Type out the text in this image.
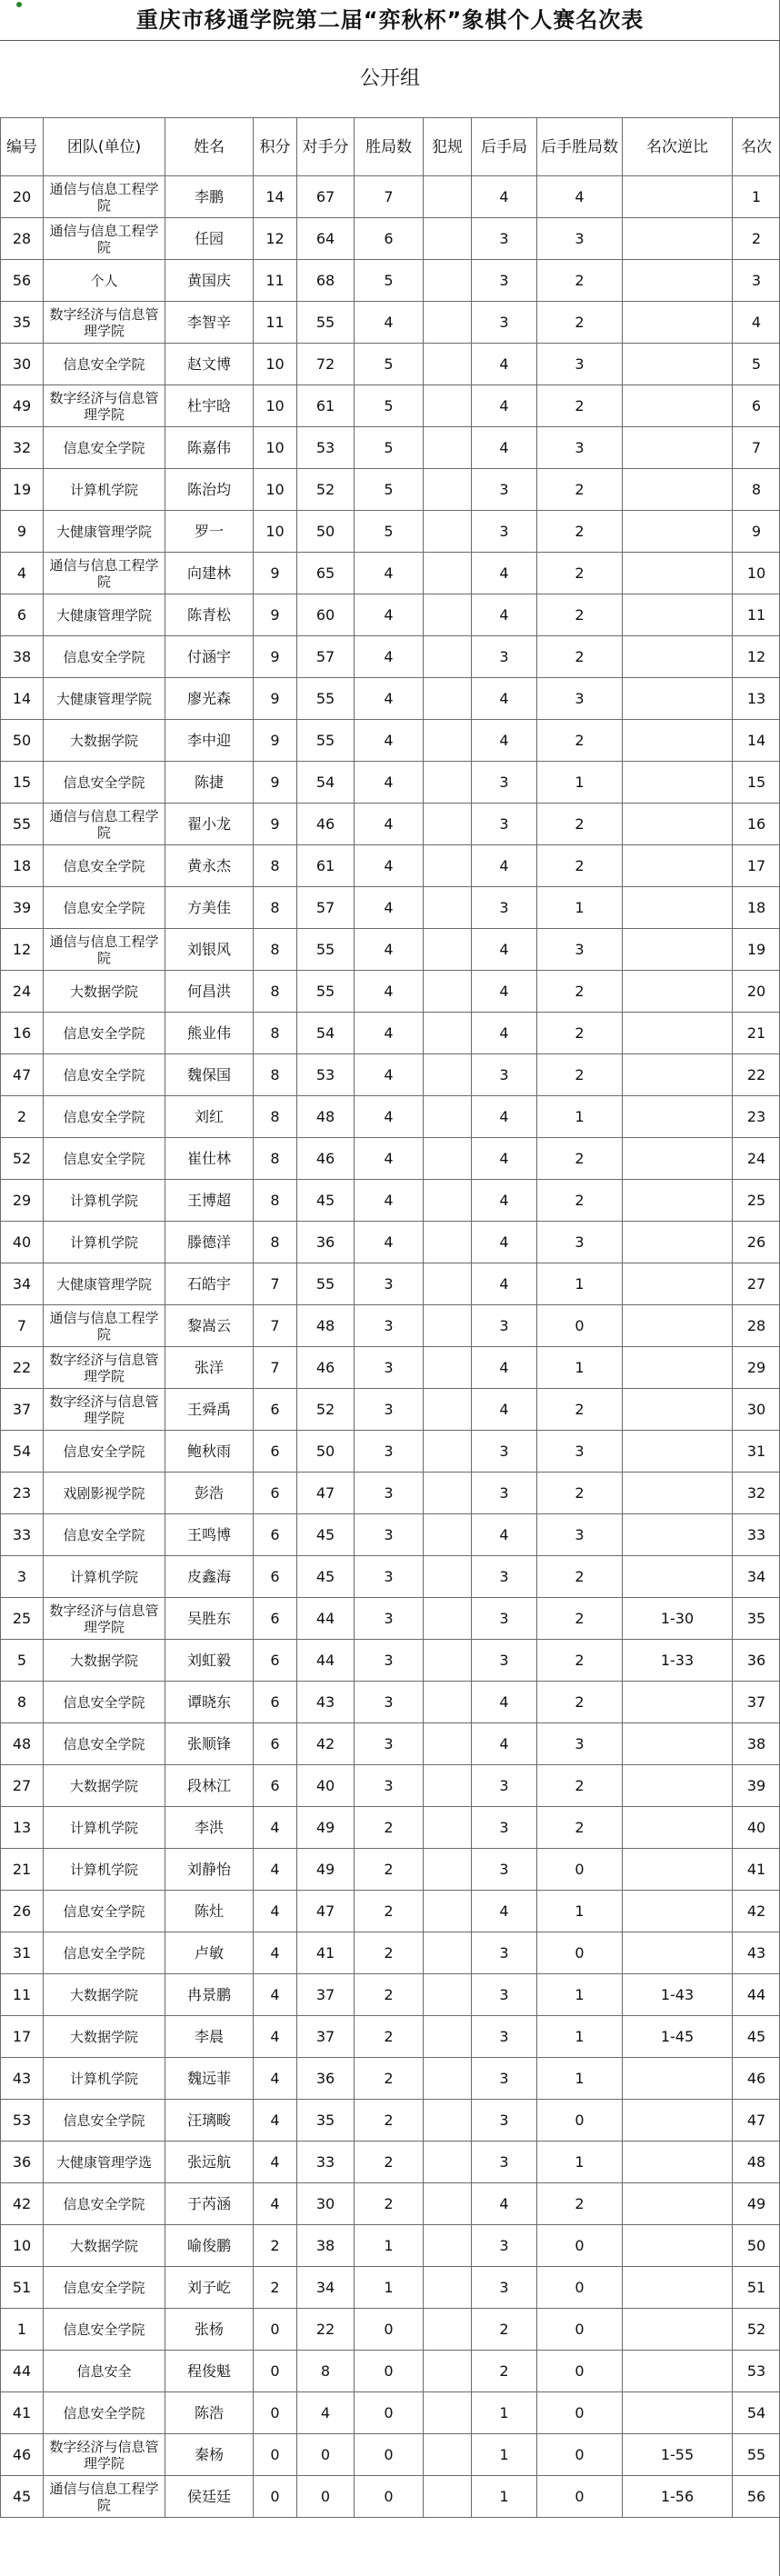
重庆市移通学院第二届“弈秋杯”象棋个人赛名次表
公开组
编号	团队(单位)	姓名	积分	对手分	胜局数	犯规	后手局	后手胜局数	名次逆比	名次
20	通信与信息工程学院	李鹏	14	67	7		4	4		1
28	通信与信息工程学院	任园	12	64	6		3	3		2
56	个人	黄国庆	11	68	5		3	2		3
35	数字经济与信息管理学院	李智辛	11	55	4		3	2		4
30	信息安全学院	赵文博	10	72	5		4	3		5
49	数字经济与信息管理学院	杜宇晗	10	61	5		4	2		6
32	信息安全学院	陈嘉伟	10	53	5		4	3		7
19	计算机学院	陈治均	10	52	5		3	2		8
9	大健康管理学院	罗一	10	50	5		3	2		9
4	通信与信息工程学院	向建林	9	65	4		4	2		10
6	大健康管理学院	陈青松	9	60	4		4	2		11
38	信息安全学院	付涵宇	9	57	4		3	2		12
14	大健康管理学院	廖光森	9	55	4		4	3		13
50	大数据学院	李中迎	9	55	4		4	2		14
15	信息安全学院	陈捷	9	54	4		3	1		15
55	通信与信息工程学院	翟小龙	9	46	4		3	2		16
18	信息安全学院	黄永杰	8	61	4		4	2		17
39	信息安全学院	方美佳	8	57	4		3	1		18
12	通信与信息工程学院	刘银风	8	55	4		4	3		19
24	大数据学院	何昌洪	8	55	4		4	2		20
16	信息安全学院	熊业伟	8	54	4		4	2		21
47	信息安全学院	魏保国	8	53	4		3	2		22
2	信息安全学院	刘红	8	48	4		4	1		23
52	信息安全学院	崔仕林	8	46	4		4	2		24
29	计算机学院	王博超	8	45	4		4	2		25
40	计算机学院	滕德洋	8	36	4		4	3		26
34	大健康管理学院	石皓宇	7	55	3		4	1		27
7	通信与信息工程学院	黎嵩云	7	48	3		3	0		28
22	数字经济与信息管理学院	张洋	7	46	3		4	1		29
37	数字经济与信息管理学院	王舜禹	6	52	3		4	2		30
54	信息安全学院	鲍秋雨	6	50	3		3	3		31
23	戏剧影视学院	彭浩	6	47	3		3	2		32
33	信息安全学院	王鸣博	6	45	3		4	3		33
3	计算机学院	皮鑫海	6	45	3		3	2		34
25	数字经济与信息管理学院	吴胜东	6	44	3		3	2	1-30	35
5	大数据学院	刘虹毅	6	44	3		3	2	1-33	36
8	信息安全学院	谭晓东	6	43	3		4	2		37
48	信息安全学院	张顺锋	6	42	3		4	3		38
27	大数据学院	段林江	6	40	3		3	2		39
13	计算机学院	李洪	4	49	2		3	2		40
21	计算机学院	刘静怡	4	49	2		3	0		41
26	信息安全学院	陈灶	4	47	2		4	1		42
31	信息安全学院	卢敏	4	41	2		3	0		43
11	大数据学院	冉景鹏	4	37	2		3	1	1-43	44
17	大数据学院	李晨	4	37	2		3	1	1-45	45
43	计算机学院	魏远菲	4	36	2		3	1		46
53	信息安全学院	汪璃畯	4	35	2		3	0		47
36	大健康管理学选	张远航	4	33	2		3	1		48
42	信息安全学院	于芮涵	4	30	2		4	2		49
10	大数据学院	喻俊鹏	2	38	1		3	0		50
51	信息安全学院	刘子屹	2	34	1		3	0		51
1	信息安全学院	张杨	0	22	0		2	0		52
44	信息安全	程俊魁	0	8	0		2	0		53
41	信息安全学院	陈浩	0	4	0		1	0		54
46	数字经济与信息管理学院	秦杨	0	0	0		1	0	1-55	55
45	通信与信息工程学院	侯廷廷	0	0	0		1	0	1-56	56
